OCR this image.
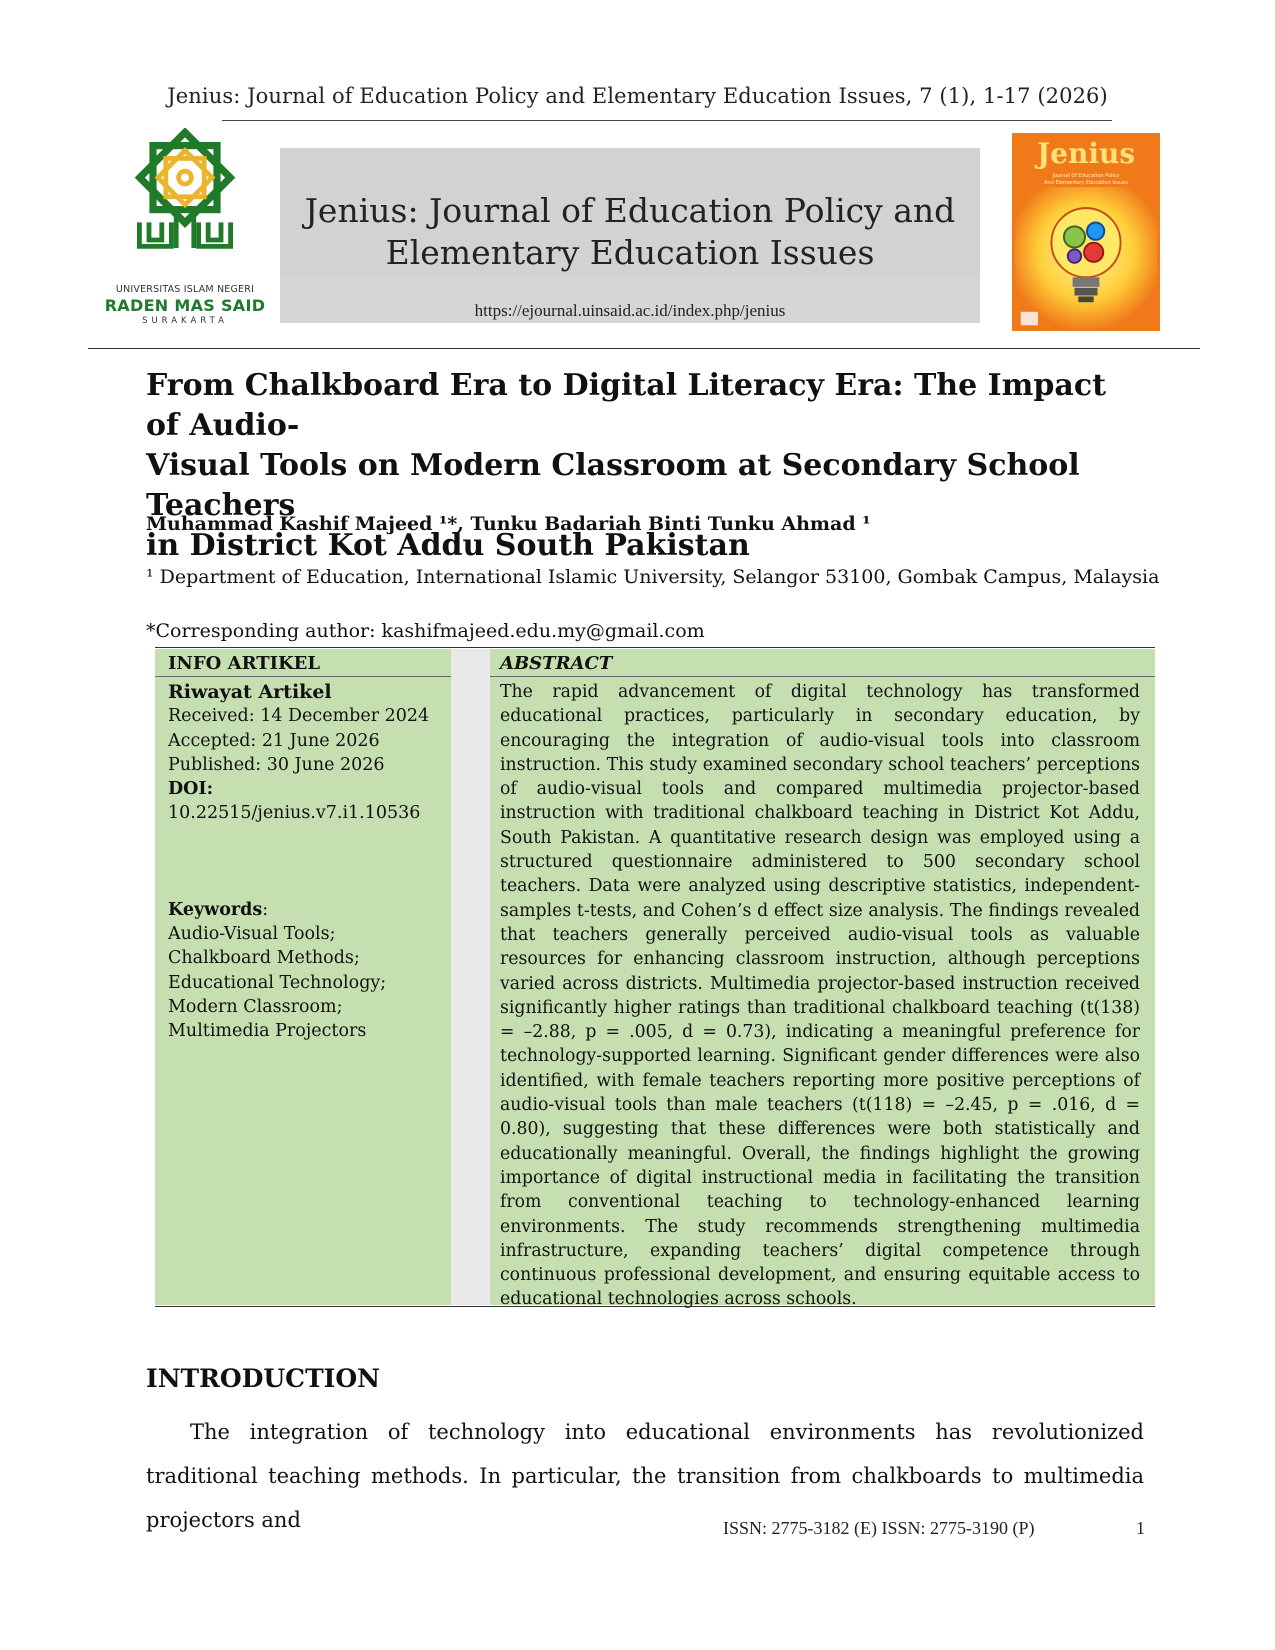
Jenius: Journal of Education Policy and Elementary Education Issues, 7 (1), 1-17 (2026)
UNIVERSITAS ISLAM NEGERI
RADEN MAS SAID
SURAKARTA
Jenius: Journal of Education Policy and
Elementary Education Issues
https://ejournal.uinsaid.ac.id/index.php/jenius
Jenius
Journal Of Education Policy
And Elementary Education Issues
From Chalkboard Era to Digital Literacy Era: The Impact of Audio-
Visual Tools on Modern Classroom at Secondary School Teachers
in District Kot Addu South Pakistan
Muhammad Kashif Majeed ¹*, Tunku Badariah Binti Tunku Ahmad ¹
¹ Department of Education, International Islamic University, Selangor 53100, Gombak Campus, Malaysia
*Corresponding author: kashifmajeed.edu.my@gmail.com
INFO ARTIKEL	ABSTRACT
Riwayat Artikel
Received: 14 December 2024
Accepted: 21 June 2026
Published: 30 June 2026
DOI:
10.22515/jenius.v7.i1.10536
Keywords:
Audio-Visual Tools;
Chalkboard Methods;
Educational Technology;
Modern Classroom;
Multimedia Projectors
The rapid advancement of digital technology has transformed educational practices, particularly in secondary education, by encouraging the integration of audio-visual tools into classroom instruction. This study examined secondary school teachers’ perceptions of audio-visual tools and compared multimedia projector-based instruction with traditional chalkboard teaching in District Kot Addu, South Pakistan. A quantitative research design was employed using a structured questionnaire administered to 500 secondary school teachers. Data were analyzed using descriptive statistics, independent-samples t-tests, and Cohen’s d effect size analysis. The findings revealed that teachers generally perceived audio-visual tools as valuable resources for enhancing classroom instruction, although perceptions varied across districts. Multimedia projector-based instruction received significantly higher ratings than traditional chalkboard teaching (t(138) = –2.88, p = .005, d = 0.73), indicating a meaningful preference for technology-supported learning. Significant gender differences were also identified, with female teachers reporting more positive perceptions of audio-visual tools than male teachers (t(118) = –2.45, p = .016, d = 0.80), suggesting that these differences were both statistically and educationally meaningful. Overall, the findings highlight the growing importance of digital instructional media in facilitating the transition from conventional teaching to technology-enhanced learning environments. The study recommends strengthening multimedia infrastructure, expanding teachers’ digital competence through continuous professional development, and ensuring equitable access to educational technologies across schools.
INTRODUCTION
The integration of technology into educational environments has revolutionized traditional teaching methods. In particular, the transition from chalkboards to multimedia projectors and	ISSN: 2775-3182 (E) ISSN: 2775-3190 (P)	1
